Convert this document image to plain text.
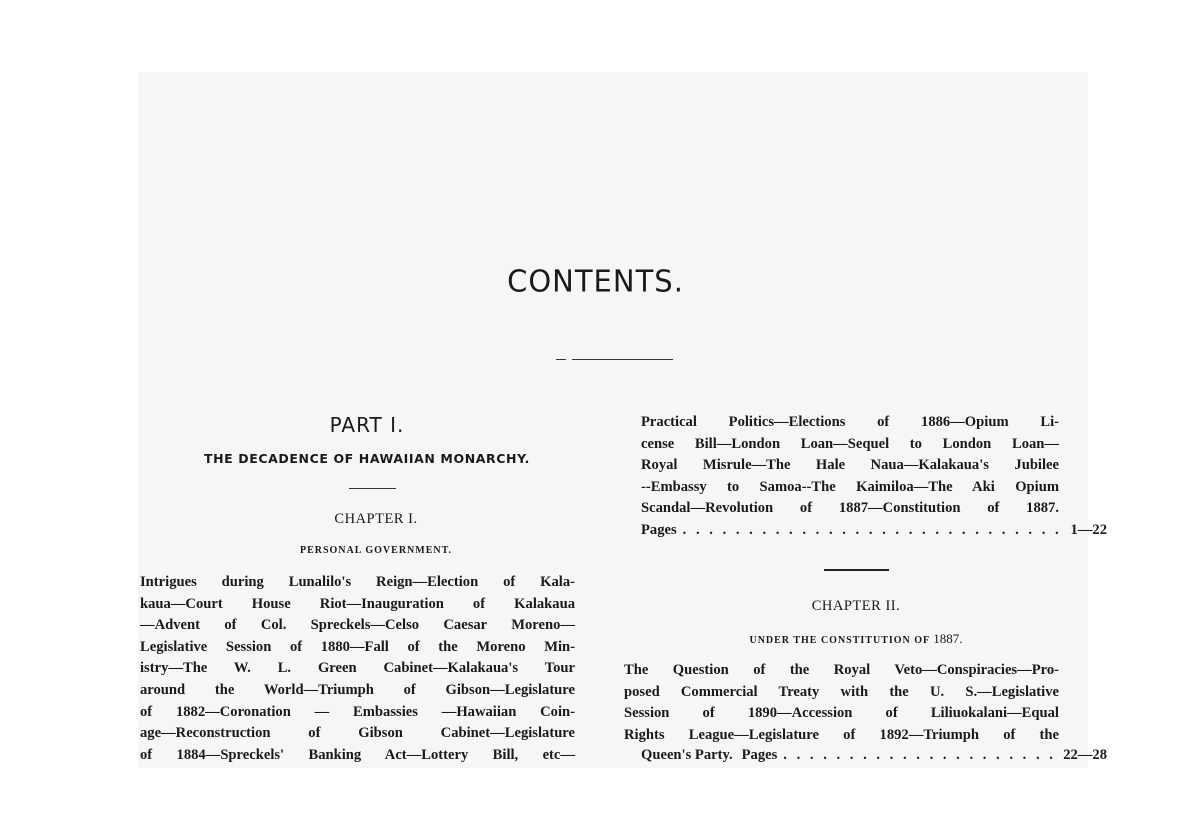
CONTENTS.
PART I.
THE DECADENCE OF HAWAIIAN MONARCHY.
CHAPTER I.
PERSONAL GOVERNMENT.
Intrigues during Lunalilo's Reign—Election of Kala-
kaua—Court House Riot—Inauguration of Kalakaua
—Advent of Col. Spreckels—Celso Caesar Moreno—
Legislative Session of 1880—Fall of the Moreno Min-
istry—The W. L. Green Cabinet—Kalakaua's Tour
around the World—Triumph of Gibson—Legislature
of 1882—Coronation — Embassies —Hawaiian Coin-
age—Reconstruction of Gibson Cabinet—Legislature
of 1884—Spreckels' Banking Act—Lottery Bill, etc—
Practical Politics—Elections of 1886—Opium Li-
cense Bill—London Loan—Sequel to London Loan—
Royal Misrule—The Hale Naua—Kalakaua's Jubilee
--Embassy to Samoa--The Kaimiloa—The Aki Opium
Scandal—Revolution of 1887—Constitution of 1887.
Pages . . .	1—22
CHAPTER II.
UNDER THE CONSTITUTION OF 1887.
The Question of the Royal Veto—Conspiracies—Pro-
posed Commercial Treaty with the U. S.—Legislative
Session of 1890—Accession of Liliuokalani—Equal
Rights League—Legislature of 1892—Triumph of the
Queen's Party. Pages . . .	22—28
